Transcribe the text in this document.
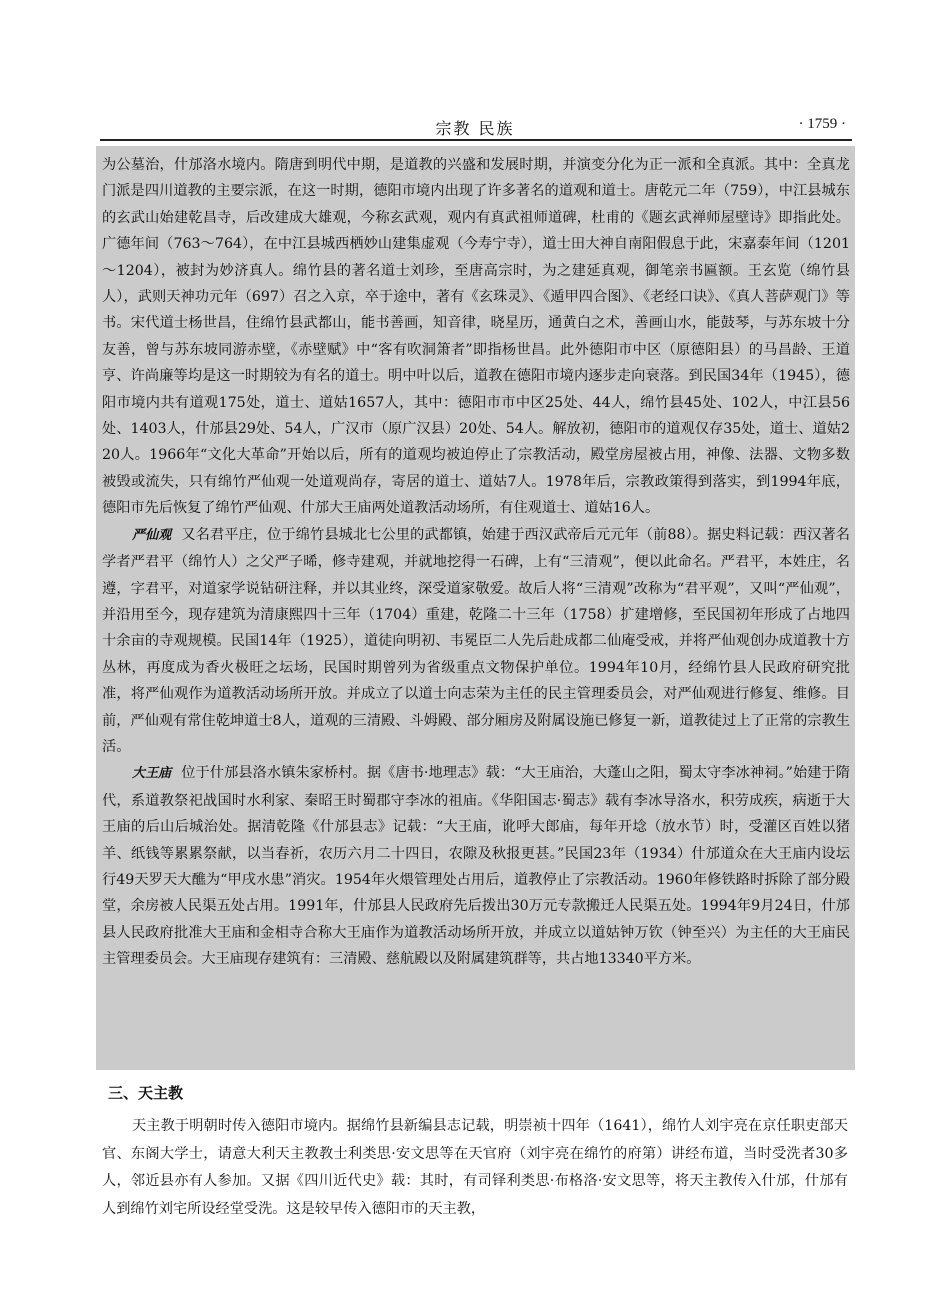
宗教 民族	· 1759 ·

为公墓治，什邡洛水境内。隋唐到明代中期，是道教的兴盛和发展时期，并演变分化为正一派和全真派。其中：全真龙门派是四川道教的主要宗派，在这一时期，德阳市境内出现了许多著名的道观和道士。唐乾元二年（759），中江县城东的玄武山始建乾昌寺，后改建成大雄观，今称玄武观，观内有真武祖师道碑，杜甫的《题玄武禅师屋壁诗》即指此处。广德年间（763～764），在中江县城西栖妙山建集虚观（今寿宁寺），道士田大神自南阳假息于此，宋嘉泰年间（1201～1204），被封为妙济真人。绵竹县的著名道士刘珍，至唐高宗时，为之建延真观，御笔亲书匾额。王玄览（绵竹县人），武则天神功元年（697）召之入京，卒于途中，著有《玄珠灵》、《遁甲四合图》、《老经口诀》、《真人菩萨观门》等书。宋代道士杨世昌，住绵竹县武都山，能书善画，知音律，晓星历，通黄白之术，善画山水，能鼓琴，与苏东坡十分友善，曾与苏东坡同游赤壁，《赤壁赋》中“客有吹洞箫者”即指杨世昌。此外德阳市中区（原德阳县）的马昌龄、王道亨、许尚廉等均是这一时期较为有名的道士。明中叶以后，道教在德阳市境内逐步走向衰落。到民国34年（1945），德阳市境内共有道观175处，道士、道姑1657人，其中：德阳市市中区25处、44人，绵竹县45处、102人，中江县56处、1403人，什邡县29处、54人，广汉市（原广汉县）20处、54人。解放初，德阳市的道观仅存35处，道士、道姑220人。1966年“文化大革命”开始以后，所有的道观均被迫停止了宗教活动，殿堂房屋被占用，神像、法器、文物多数被毁或流失，只有绵竹严仙观一处道观尚存，寄居的道士、道姑7人。1978年后，宗教政策得到落实，到1994年底，德阳市先后恢复了绵竹严仙观、什邡大王庙两处道教活动场所，有住观道士、道姑16人。

严仙观 又名君平庄，位于绵竹县城北七公里的武都镇，始建于西汉武帝后元元年（前88）。据史料记载：西汉著名学者严君平（绵竹人）之父严子晞，修寺建观，并就地挖得一石碑，上有“三清观”，便以此命名。严君平，本姓庄，名遵，字君平，对道家学说钻研注释，并以其业终，深受道家敬爱。故后人将“三清观”改称为“君平观”，又叫“严仙观”，并沿用至今，现存建筑为清康熙四十三年（1704）重建，乾隆二十三年（1758）扩建增修，至民国初年形成了占地四十余亩的寺观规模。民国14年（1925），道徒向明初、韦冕臣二人先后赴成都二仙庵受戒，并将严仙观创办成道教十方丛林，再度成为香火极旺之坛场，民国时期曾列为省级重点文物保护单位。1994年10月，经绵竹县人民政府研究批准，将严仙观作为道教活动场所开放。并成立了以道士向志荣为主任的民主管理委员会，对严仙观进行修复、维修。目前，严仙观有常住乾坤道士8人，道观的三清殿、斗姆殿、部分厢房及附属设施已修复一新，道教徒过上了正常的宗教生活。

大王庙 位于什邡县洛水镇朱家桥村。据《唐书·地理志》载：“大王庙治，大蓬山之阳，蜀太守李冰神祠。”始建于隋代，系道教祭祀战国时水利家、秦昭王时蜀郡守李冰的祖庙。《华阳国志·蜀志》载有李冰导洛水，积劳成疾，病逝于大王庙的后山后城治处。据清乾隆《什邡县志》记载：“大王庙，讹呼大郎庙，每年开埝（放水节）时，受灌区百姓以猪羊、纸钱等累累祭献，以当春祈，农历六月二十四日，农隙及秋报更甚。”民国23年（1934）什邡道众在大王庙内设坛行49天罗天大醮为“甲戌水患”消灾。1954年火煨管理处占用后，道教停止了宗教活动。1960年修铁路时拆除了部分殿堂，余房被人民渠五处占用。1991年，什邡县人民政府先后拨出30万元专款搬迁人民渠五处。1994年9月24日，什邡县人民政府批准大王庙和金相寺合称大王庙作为道教活动场所开放，并成立以道姑钟万钦（钟至兴）为主任的大王庙民主管理委员会。大王庙现存建筑有：三清殿、慈航殿以及附属建筑群等，共占地13340平方米。

三、天主教

天主教于明朝时传入德阳市境内。据绵竹县新编县志记载，明崇祯十四年（1641），绵竹人刘宇亮在京任职吏部天官、东阁大学士，请意大利天主教教士利类思·安文思等在天官府（刘宇亮在绵竹的府第）讲经布道，当时受洗者30多人，邻近县亦有人参加。又据《四川近代史》载：其时，有司铎利类思·布格洛·安文思等，将天主教传入什邡，什邡有人到绵竹刘宅所设经堂受洗。这是较早传入德阳市的天主教，
